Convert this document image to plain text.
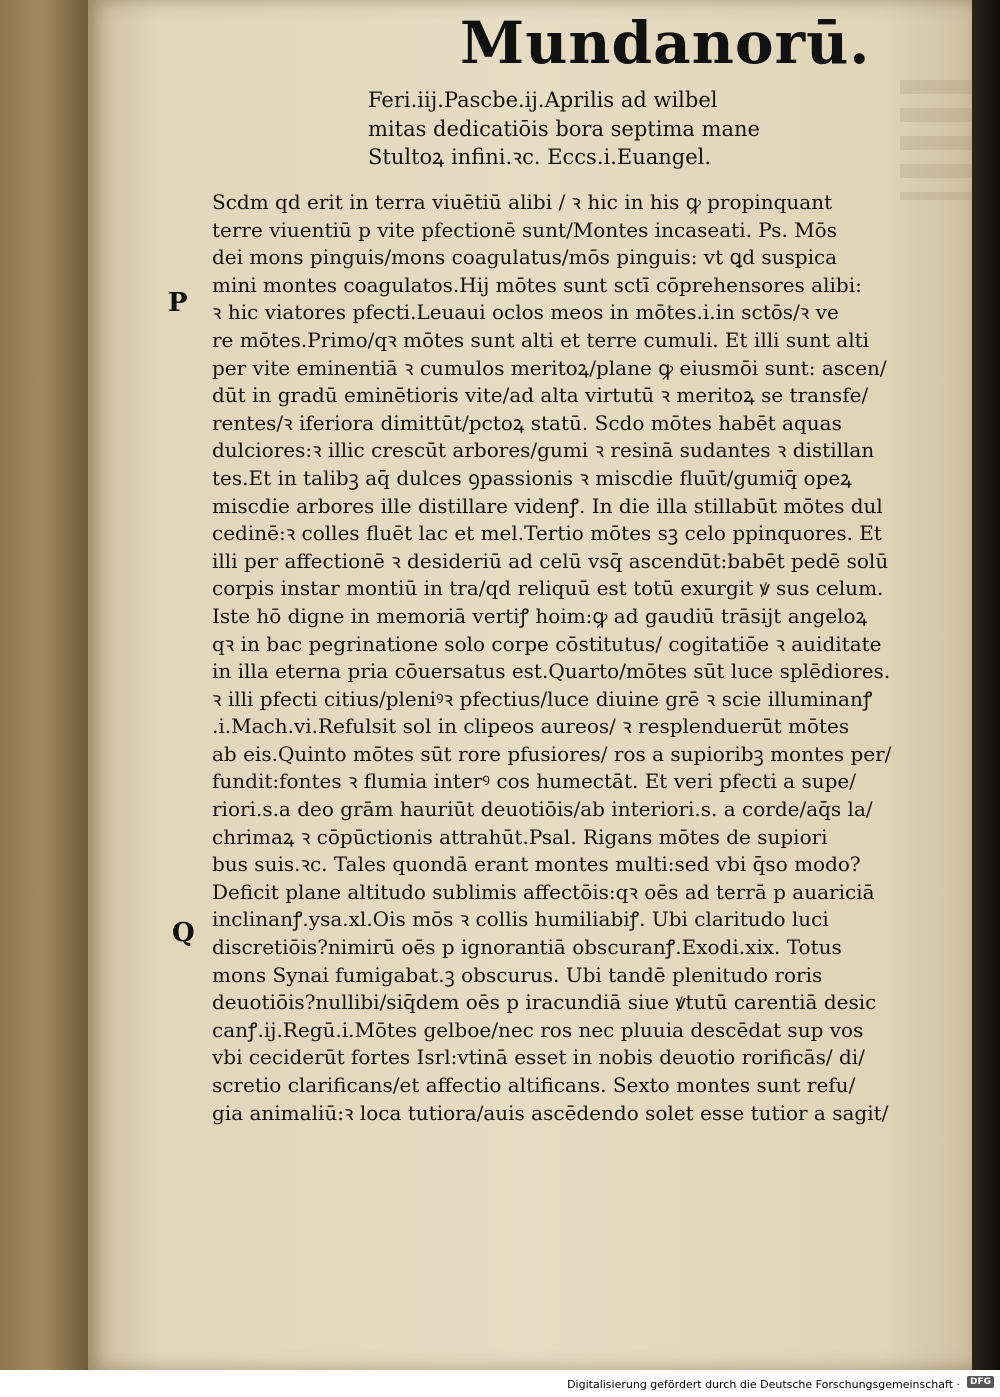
Mundanorū.
Feri.iij.Pascbe.ij.Aprilis ad wilbel
mitas dedicatiōis bora septima mane
Stultoꝝ infini.ꝛc. Eccs.i.Euangel.
P
Q
Scdm qd erit in terra viuētiū alibi / ꝛ hic in his ꝙ propinquant
terre viuentiū p vite pfectionē sunt/Montes incaseati. Ps. Mōs
dei mons pinguis/mons coagulatus/mōs pinguis: vt ꝗd suspica
mini montes coagulatos.Hij mōtes sunt sctī cōprehensores alibi:
ꝛ hic viatores pfecti.Leuaui oclos meos in mōtes.i.in sctōs/ꝛ ve
re mōtes.Primo/qꝛ mōtes sunt alti et terre cumuli. Et illi sunt alti
per vite eminentiā ꝛ cumulos meritoꝝ/plane ꝙ eiusmōi sunt: ascen/
dūt in gradū eminētioris vite/ad alta virtutū ꝛ meritoꝝ se transfe/
rentes/ꝛ iferiora dimittūt/pctoꝝ statū. Scdo mōtes habēt aquas
dulciores:ꝛ illic crescūt arbores/gumi ꝛ resinā sudantes ꝛ distillan
tes.Et in talibꝫ aq̄ dulces ꝯpassionis ꝛ miscdie fluūt/gumiq̄ opeꝝ
miscdie arbores ille distillare videnꝭ. In die illa stillabūt mōtes dul
cedinē:ꝛ colles fluēt lac et mel.Tertio mōtes sꝫ celo ppinquores. Et
illi per affectionē ꝛ desideriū ad celū vsq̄ ascendūt:babēt pedē solū
corpis instar montiū in tra/qd reliquū est totū exurgit ꝟ sus celum.
Iste hō digne in memoriā vertiꝭ hoim:ꝙ ad gaudiū trāsijt angeloꝝ
qꝛ in bac pegrinatione solo corpe cōstitutus/ cogitatiōe ꝛ auiditate
in illa eterna pria cōuersatus est.Quarto/mōtes sūt luce splēdiores.
ꝛ illi pfecti citius/pleniꝰꝛ pfectius/luce diuine grē ꝛ scie illuminanꝭ
.i.Mach.vi.Refulsit sol in clipeos aureos/ ꝛ resplenduerūt mōtes
ab eis.Quinto mōtes sūt rore pfusiores/ ros a supioribꝫ montes per/
fundit:fontes ꝛ flumia interꝰ cos humectāt. Et veri pfecti a supe/
riori.s.a deo grām hauriūt deuotiōis/ab interiori.s. a corde/aq̄s la/
chrimaꝝ ꝛ cōpūctionis attrahūt.Psal. Rigans mōtes de supiori
bus suis.ꝛc. Tales quondā erant montes multi:sed vbi q̄so modo?
Deficit plane altitudo sublimis affectōis:qꝛ oēs ad terrā p auariciā
inclinanꝭ.ysa.xl.Ois mōs ꝛ collis humiliabiꝭ. Ubi claritudo luci
discretiōis?nimirū oēs p ignorantiā obscuranꝭ.Exodi.xix. Totus
mons Synai fumigabat.ꝫ obscurus. Ubi tandē plenitudo roris
deuotiōis?nullibi/siq̄dem oēs p iracundiā siue ꝟtutū carentiā desic
canꝭ.ij.Regū.i.Mōtes gelboe/nec ros nec pluuia descēdat sup vos
vbi ceciderūt fortes Isrl:vtinā esset in nobis deuotio rorificās/ di/
scretio clarificans/et affectio altificans. Sexto montes sunt refu/
gia animaliū:ꝛ loca tutiora/auis ascēdendo solet esse tutior a sagit/
Digitalisierung gefördert durch die Deutsche Forschungsgemeinschaft ·	DFG
